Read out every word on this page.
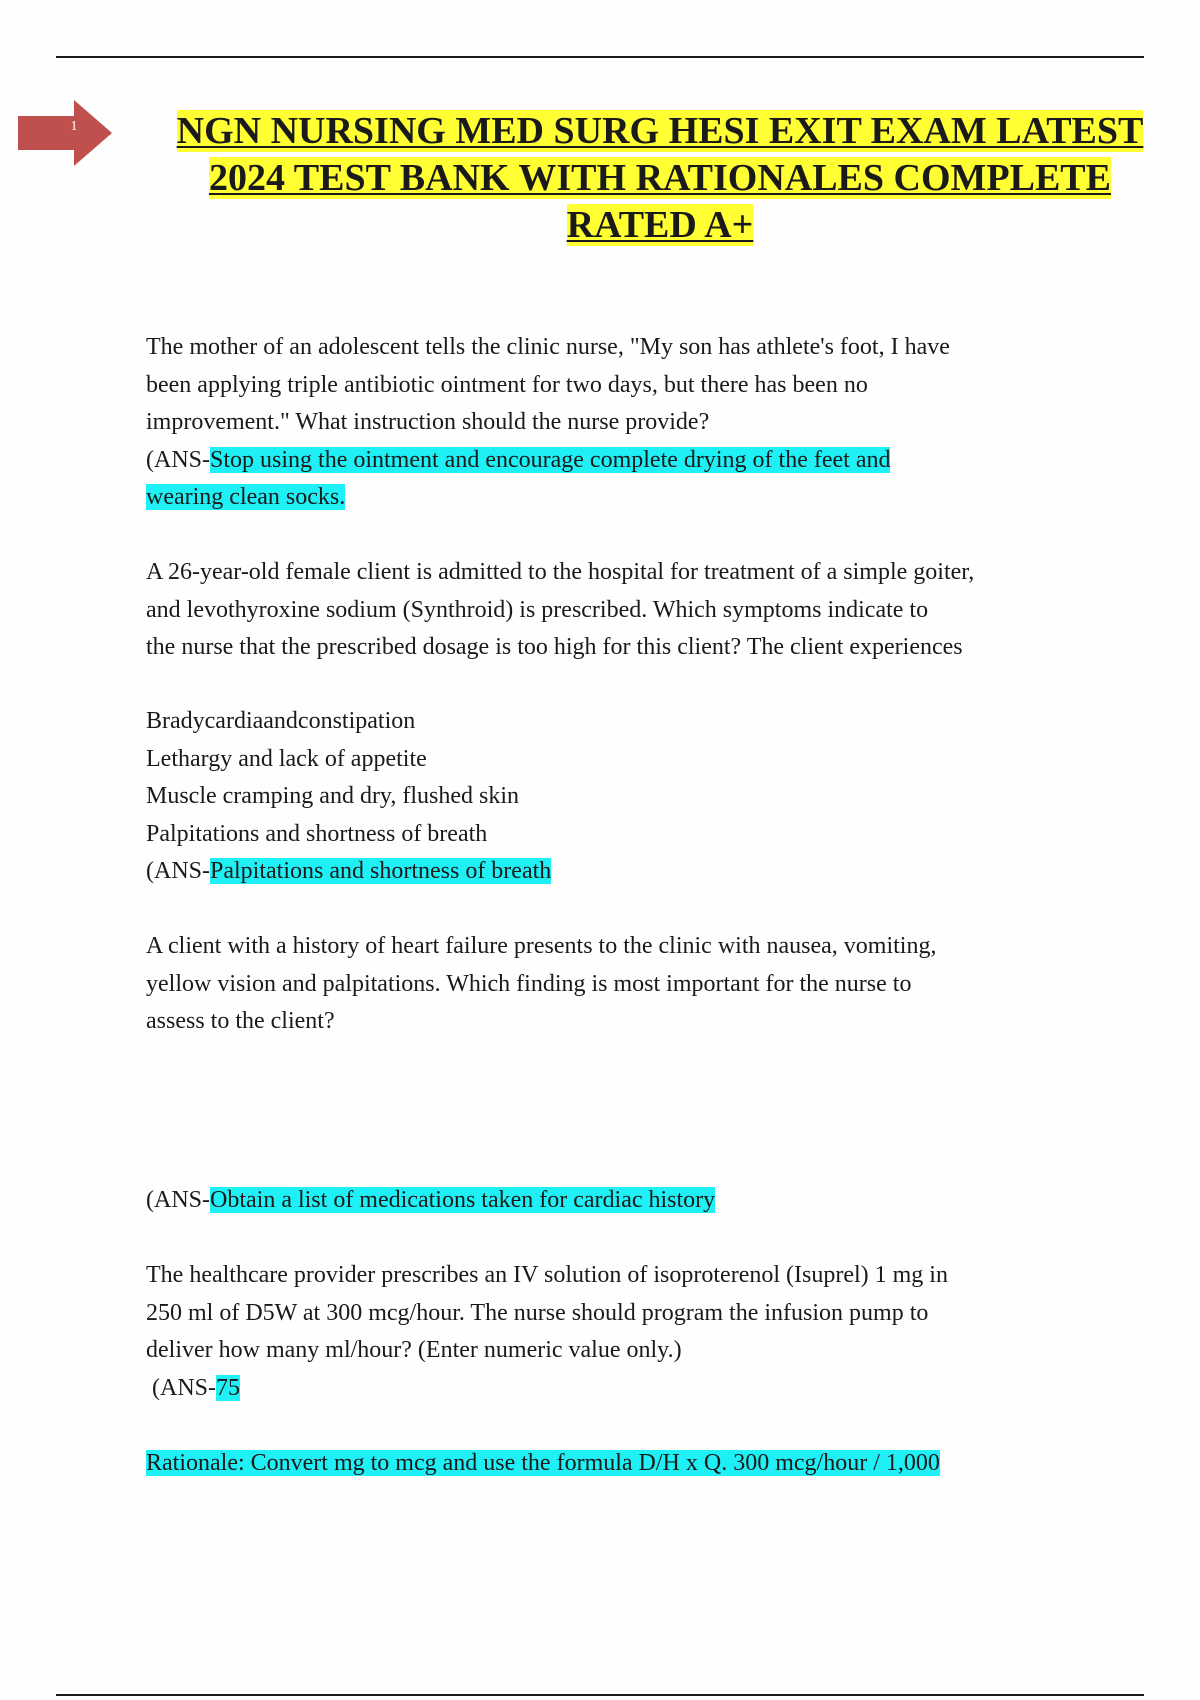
1	NGN NURSING MED SURG HESI EXIT EXAM LATEST
2024 TEST BANK WITH RATIONALES COMPLETE
RATED A+
The mother of an adolescent tells the clinic nurse, "My son has athlete's foot, I have
been applying triple antibiotic ointment for two days, but there has been no
improvement." What instruction should the nurse provide?
(ANS-Stop using the ointment and encourage complete drying of the feet and
wearing clean socks.
A 26-year-old female client is admitted to the hospital for treatment of a simple goiter,
and levothyroxine sodium (Synthroid) is prescribed. Which symptoms indicate to
the nurse that the prescribed dosage is too high for this client? The client experiences
Bradycardiaandconstipation
Lethargy and lack of appetite
Muscle cramping and dry, flushed skin
Palpitations and shortness of breath
(ANS-Palpitations and shortness of breath
A client with a history of heart failure presents to the clinic with nausea, vomiting,
yellow vision and palpitations. Which finding is most important for the nurse to
assess to the client?
(ANS-Obtain a list of medications taken for cardiac history
The healthcare provider prescribes an IV solution of isoproterenol (Isuprel) 1 mg in
250 ml of D5W at 300 mcg/hour. The nurse should program the infusion pump to
deliver how many ml/hour? (Enter numeric value only.)
(ANS-75
Rationale: Convert mg to mcg and use the formula D/H x Q. 300 mcg/hour / 1,000
